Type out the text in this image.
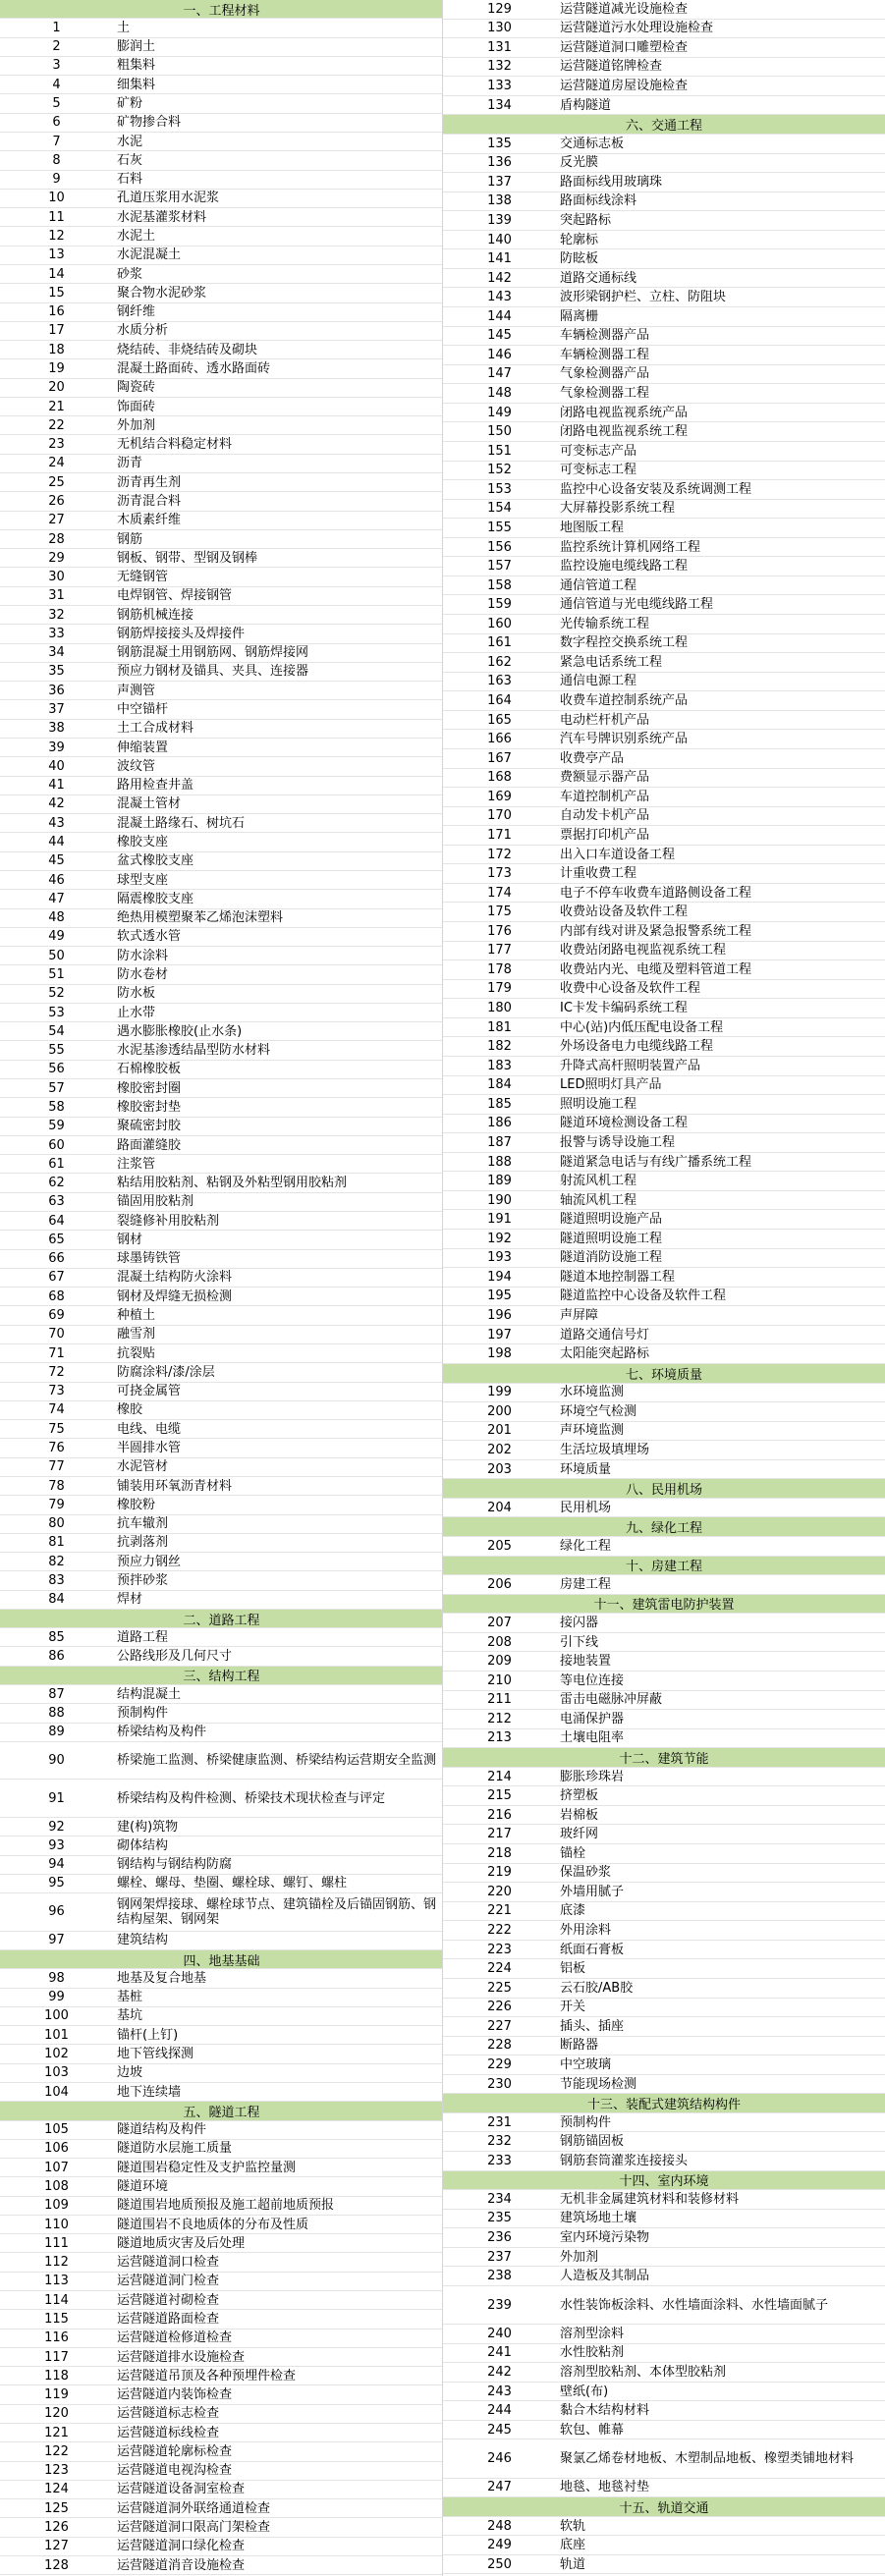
一、工程材料
1	土
2	膨润土
3	粗集料
4	细集料
5	矿粉
6	矿物掺合料
7	水泥
8	石灰
9	石料
10	孔道压浆用水泥浆
11	水泥基灌浆材料
12	水泥土
13	水泥混凝土
14	砂浆
15	聚合物水泥砂浆
16	钢纤维
17	水质分析
18	烧结砖、非烧结砖及砌块
19	混凝土路面砖、透水路面砖
20	陶瓷砖
21	饰面砖
22	外加剂
23	无机结合料稳定材料
24	沥青
25	沥青再生剂
26	沥青混合料
27	木质素纤维
28	钢筋
29	钢板、钢带、型钢及钢棒
30	无缝钢管
31	电焊钢管、焊接钢管
32	钢筋机械连接
33	钢筋焊接接头及焊接件
34	钢筋混凝土用钢筋网、钢筋焊接网
35	预应力钢材及锚具、夹具、连接器
36	声测管
37	中空锚杆
38	土工合成材料
39	伸缩装置
40	波纹管
41	路用检查井盖
42	混凝土管材
43	混凝土路缘石、树坑石
44	橡胶支座
45	盆式橡胶支座
46	球型支座
47	隔震橡胶支座
48	绝热用模塑聚苯乙烯泡沫塑料
49	软式透水管
50	防水涂料
51	防水卷材
52	防水板
53	止水带
54	遇水膨胀橡胶(止水条)
55	水泥基渗透结晶型防水材料
56	石棉橡胶板
57	橡胶密封圈
58	橡胶密封垫
59	聚硫密封胶
60	路面灌缝胶
61	注浆管
62	粘结用胶粘剂、粘钢及外粘型钢用胶粘剂
63	锚固用胶粘剂
64	裂缝修补用胶粘剂
65	钢材
66	球墨铸铁管
67	混凝土结构防火涂料
68	钢材及焊缝无损检测
69	种植土
70	融雪剂
71	抗裂贴
72	防腐涂料/漆/涂层
73	可挠金属管
74	橡胶
75	电线、电缆
76	半圆排水管
77	水泥管材
78	铺装用环氧沥青材料
79	橡胶粉
80	抗车辙剂
81	抗剥落剂
82	预应力钢丝
83	预拌砂浆
84	焊材
二、道路工程
85	道路工程
86	公路线形及几何尺寸
三、结构工程
87	结构混凝土
88	预制构件
89	桥梁结构及构件
90	桥梁施工监测、桥梁健康监测、桥梁结构运营期安全监测
91	桥梁结构及构件检测、桥梁技术现状检查与评定
92	建(构)筑物
93	砌体结构
94	钢结构与钢结构防腐
95	螺栓、螺母、垫圈、螺栓球、螺钉、螺柱
96	钢网架焊接球、螺栓球节点、建筑锚栓及后锚固钢筋、钢结构屋架、钢网架
97	建筑结构
四、地基基础
98	地基及复合地基
99	基桩
100	基坑
101	锚杆(上钉)
102	地下管线探测
103	边坡
104	地下连续墙
五、隧道工程
105	隧道结构及构件
106	隧道防水层施工质量
107	隧道围岩稳定性及支护监控量测
108	隧道环境
109	隧道围岩地质预报及施工超前地质预报
110	隧道围岩不良地质体的分布及性质
111	隧道地质灾害及后处理
112	运营隧道洞口检查
113	运营隧道洞门检查
114	运营隧道衬砌检查
115	运营隧道路面检查
116	运营隧道检修道检查
117	运营隧道排水设施检查
118	运营隧道吊顶及各种预埋件检查
119	运营隧道内装饰检查
120	运营隧道标志检查
121	运营隧道标线检查
122	运营隧道轮廓标检查
123	运营隧道电视沟检查
124	运营隧道设备洞室检查
125	运营隧道洞外联络通道检查
126	运营隧道洞口限高门架检查
127	运营隧道洞口绿化检查
128	运营隧道消音设施检查
129	运营隧道减光设施检查
130	运营隧道污水处理设施检查
131	运营隧道洞口雕塑检查
132	运营隧道铭牌检查
133	运营隧道房屋设施检查
134	盾构隧道
六、交通工程
135	交通标志板
136	反光膜
137	路面标线用玻璃珠
138	路面标线涂料
139	突起路标
140	轮廓标
141	防眩板
142	道路交通标线
143	波形梁钢护栏、立柱、防阻块
144	隔离栅
145	车辆检测器产品
146	车辆检测器工程
147	气象检测器产品
148	气象检测器工程
149	闭路电视监视系统产品
150	闭路电视监视系统工程
151	可变标志产品
152	可变标志工程
153	监控中心设备安装及系统调测工程
154	大屏幕投影系统工程
155	地图版工程
156	监控系统计算机网络工程
157	监控设施电缆线路工程
158	通信管道工程
159	通信管道与光电缆线路工程
160	光传输系统工程
161	数字程控交换系统工程
162	紧急电话系统工程
163	通信电源工程
164	收费车道控制系统产品
165	电动栏杆机产品
166	汽车号牌识别系统产品
167	收费亭产品
168	费额显示器产品
169	车道控制机产品
170	自动发卡机产品
171	票据打印机产品
172	出入口车道设备工程
173	计重收费工程
174	电子不停车收费车道路侧设备工程
175	收费站设备及软件工程
176	内部有线对讲及紧急报警系统工程
177	收费站闭路电视监视系统工程
178	收费站内光、电缆及塑料管道工程
179	收费中心设备及软件工程
180	IC卡发卡编码系统工程
181	中心(站)内低压配电设备工程
182	外场设备电力电缆线路工程
183	升降式高杆照明装置产品
184	LED照明灯具产品
185	照明设施工程
186	隧道环境检测设备工程
187	报警与诱导设施工程
188	隧道紧急电话与有线广播系统工程
189	射流风机工程
190	轴流风机工程
191	隧道照明设施产品
192	隧道照明设施工程
193	隧道消防设施工程
194	隧道本地控制器工程
195	隧道监控中心设备及软件工程
196	声屏障
197	道路交通信号灯
198	太阳能突起路标
七、环境质量
199	水环境监测
200	环境空气检测
201	声环境监测
202	生活垃圾填埋场
203	环境质量
八、民用机场
204	民用机场
九、绿化工程
205	绿化工程
十、房建工程
206	房建工程
十一、建筑雷电防护装置
207	接闪器
208	引下线
209	接地装置
210	等电位连接
211	雷击电磁脉冲屏蔽
212	电涌保护器
213	土壤电阻率
十二、建筑节能
214	膨胀珍珠岩
215	挤塑板
216	岩棉板
217	玻纤网
218	锚栓
219	保温砂浆
220	外墙用腻子
221	底漆
222	外用涂料
223	纸面石膏板
224	铝板
225	云石胶/AB胶
226	开关
227	插头、插座
228	断路器
229	中空玻璃
230	节能现场检测
十三、装配式建筑结构构件
231	预制构件
232	钢筋锚固板
233	钢筋套筒灌浆连接接头
十四、室内环境
234	无机非金属建筑材料和装修材料
235	建筑场地土壤
236	室内环境污染物
237	外加剂
238	人造板及其制品
239	水性装饰板涂料、水性墙面涂料、水性墙面腻子
240	溶剂型涂料
241	水性胶粘剂
242	溶剂型胶粘剂、本体型胶粘剂
243	壁纸(布)
244	黏合木结构材料
245	软包、帷幕
246	聚氯乙烯卷材地板、木塑制品地板、橡塑类铺地材料
247	地毯、地毯衬垫
十五、轨道交通
248	软轨
249	底座
250	轨道
